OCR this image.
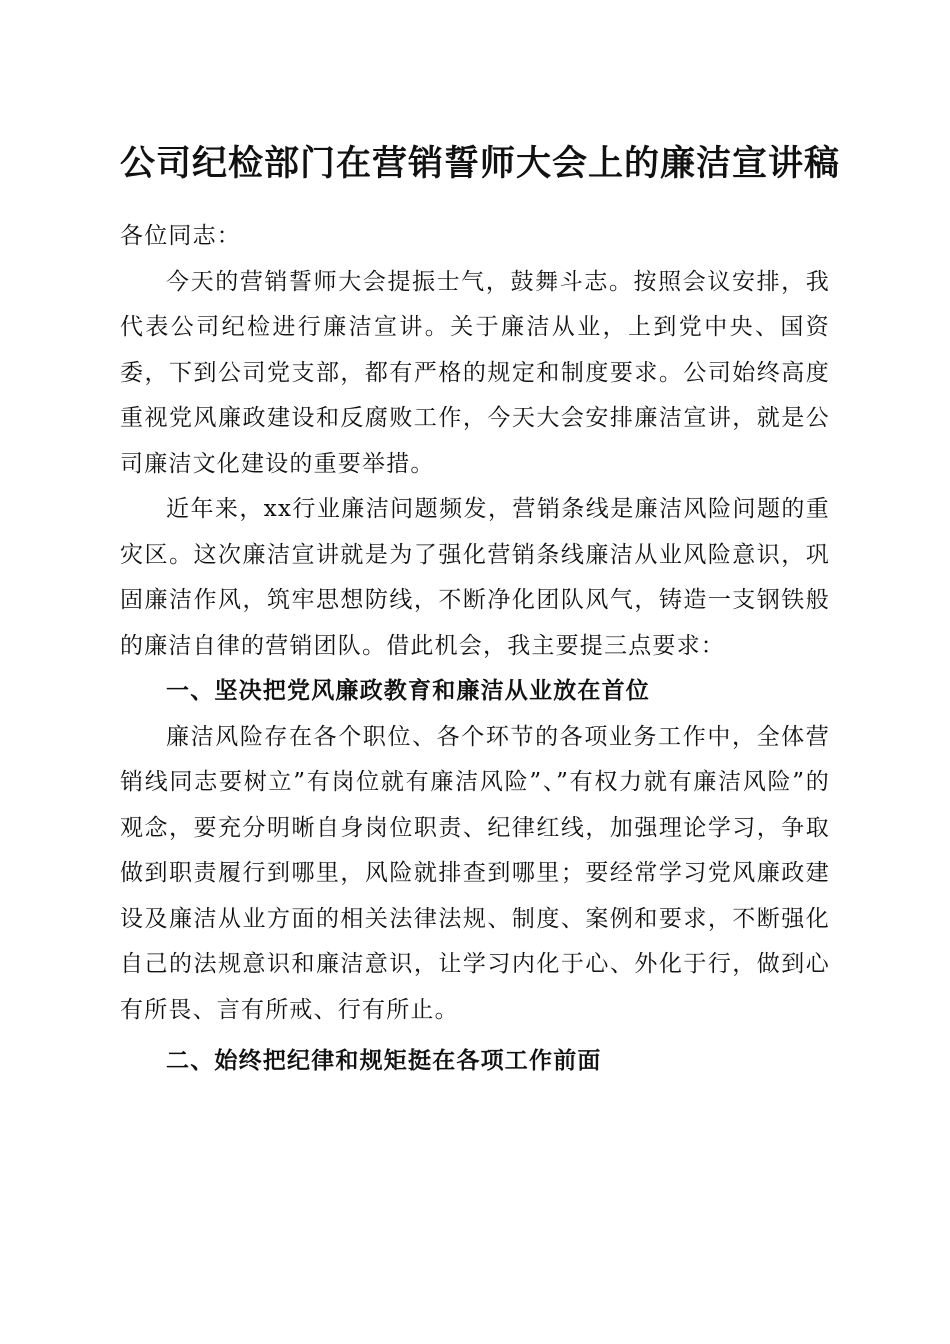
公司纪检部门在营销誓师大会上的廉洁宣讲稿

各位同志：

今天的营销誓师大会提振士气，鼓舞斗志。按照会议安排，我代表公司纪检进行廉洁宣讲。关于廉洁从业，上到党中央、国资委，下到公司党支部，都有严格的规定和制度要求。公司始终高度重视党风廉政建设和反腐败工作，今天大会安排廉洁宣讲，就是公司廉洁文化建设的重要举措。

近年来，xx行业廉洁问题频发，营销条线是廉洁风险问题的重灾区。这次廉洁宣讲就是为了强化营销条线廉洁从业风险意识，巩固廉洁作风，筑牢思想防线，不断净化团队风气，铸造一支钢铁般的廉洁自律的营销团队。借此机会，我主要提三点要求：

一、坚决把党风廉政教育和廉洁从业放在首位

廉洁风险存在各个职位、各个环节的各项业务工作中，全体营销线同志要树立”有岗位就有廉洁风险”、”有权力就有廉洁风险”的观念，要充分明晰自身岗位职责、纪律红线，加强理论学习，争取做到职责履行到哪里，风险就排查到哪里；要经常学习党风廉政建设及廉洁从业方面的相关法律法规、制度、案例和要求，不断强化自己的法规意识和廉洁意识，让学习内化于心、外化于行，做到心有所畏、言有所戒、行有所止。

二、始终把纪律和规矩挺在各项工作前面
